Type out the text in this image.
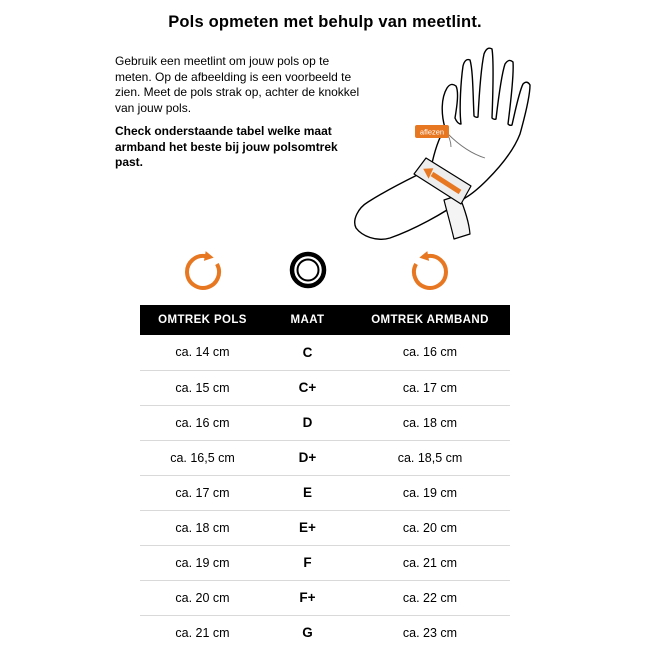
Pols opmeten met behulp van meetlint.

Gebruik een meetlint om jouw pols op te meten. Op de afbeelding is een voorbeeld te zien. Meet de pols strak op, achter de knokkel van jouw pols.

Check onderstaande tabel welke maat armband het beste bij jouw polsomtrek past.

aflezen
OMTREK POLS	MAAT	OMTREK ARMBAND
ca. 14 cm	C	ca. 16 cm
ca. 15 cm	C+	ca. 17 cm
ca. 16 cm	D	ca. 18 cm
ca. 16,5 cm	D+	ca. 18,5 cm
ca. 17 cm	E	ca. 19 cm
ca. 18 cm	E+	ca. 20 cm
ca. 19 cm	F	ca. 21 cm
ca. 20 cm	F+	ca. 22 cm
ca. 21 cm	G	ca. 23 cm
